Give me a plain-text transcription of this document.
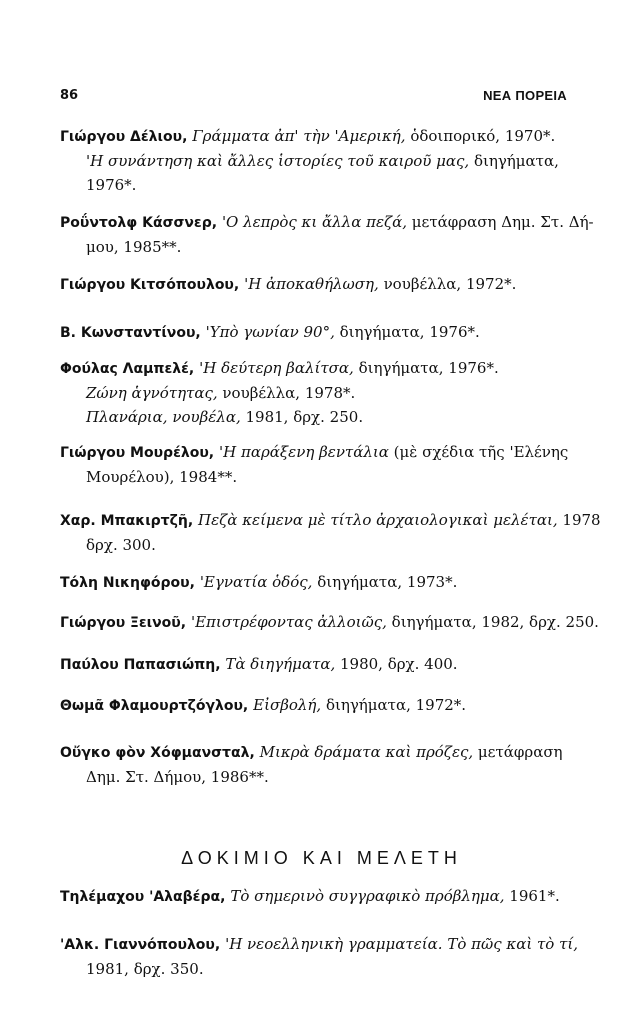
86	ΝΕΑ ΠΟΡΕΙΑ
Γιώργου Δέλιου, Γράμματα ἀπ' τὴν 'Αμερική, ὁδοιπορικό, 1970*.
'Η συνάντηση καὶ ἄλλες ἱστορίες τοῦ καιροῦ μας, διηγήματα,
1976*.
Ροΰντολφ Κάσσνερ, 'Ο λεπρὸς κι ἄλλα πεζά, μετάφραση Δημ. Στ. Δή-
μου, 1985**.
Γιώργου Κιτσόπουλου, 'Η ἀποκαθήλωση, νουβέλλα, 1972*.
Β. Κωνσταντίνου, 'Υπὸ γωνίαν 90°, διηγήματα, 1976*.
Φούλας Λαμπελέ, 'Η δεύτερη βαλίτσα, διηγήματα, 1976*.
Ζώνη ἁγνότητας, νουβέλλα, 1978*.
Πλανάρια, νουβέλα, 1981, δρχ. 250.
Γιώργου Μουρέλου, 'Η παράξενη βεντάλια (μὲ σχέδια τῆς 'Ελένης
Μουρέλου), 1984**.
Χαρ. Μπακιρτζῆ, Πεζὰ κείμενα μὲ τίτλο ἀρχαιολογικαὶ μελέται, 1978
δρχ. 300.
Τόλη Νικηφόρου, 'Εγνατία ὁδός, διηγήματα, 1973*.
Γιώργου Ξεινοῦ, 'Επιστρέφοντας ἀλλοιῶς, διηγήματα, 1982, δρχ. 250.
Παύλου Παπασιώπη, Τὰ διηγήματα, 1980, δρχ. 400.
Θωμᾶ Φλαμουρτζόγλου, Εἰσβολή, διηγήματα, 1972*.
Οὔγκο φὸν Χόφμανσταλ, Μικρὰ δράματα καὶ πρόζες, μετάφραση
Δημ. Στ. Δήμου, 1986**.
ΔΟΚΙΜΙΟ ΚΑΙ ΜΕΛΕΤΗ
Τηλέμαχου 'Αλαβέρα, Τὸ σημερινὸ συγγραφικὸ πρόβλημα, 1961*.
'Αλκ. Γιαννόπουλου, 'Η νεοελληνικὴ γραμματεία. Τὸ πῶς καὶ τὸ τί,
1981, δρχ. 350.
